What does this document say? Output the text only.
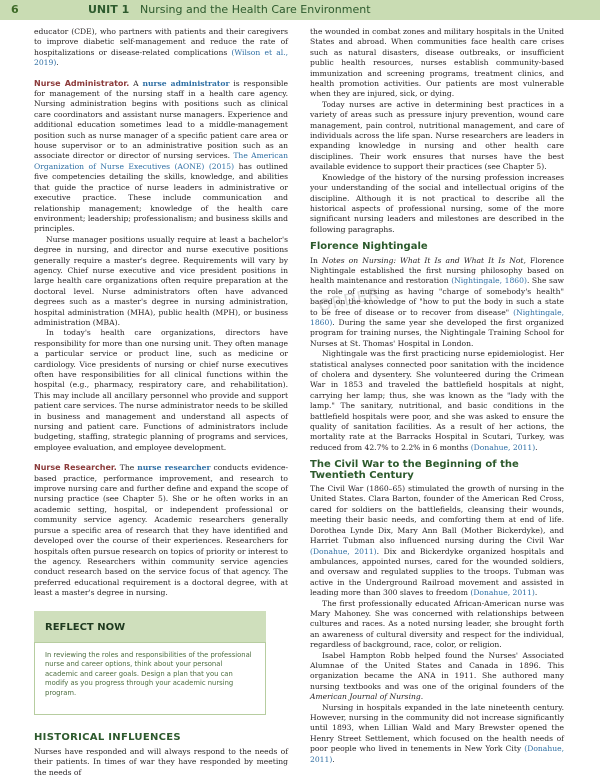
6	UNIT 1 Nursing and the Health Care Environment
ORDER

educator (CDE), who partners with patients and their caregivers to improve diabetic self-management and reduce the rate of hospitalizations or disease-related complications (Wilson et al., 2019).

Nurse Administrator. A nurse administrator is responsible for management of the nursing staff in a health care agency. Nursing administration begins with positions such as clinical care coordinators and assistant nurse managers. Experience and additional education sometimes lead to a middle-management position such as nurse manager of a specific patient care area or house supervisor or to an administrative position such as an associate director or director of nursing services. The American Organization of Nurse Executives (AONE) (2015) has outlined five competencies detailing the skills, knowledge, and abilities that guide the practice of nurse leaders in administrative or executive practice. These include communication and relationship management; knowledge of the health care environment; leadership; professionalism; and business skills and principles.

Nurse manager positions usually require at least a bachelor's degree in nursing, and director and nurse executive positions generally require a master's degree. Requirements will vary by agency. Chief nurse executive and vice president positions in large health care organizations often require preparation at the doctoral level. Nurse administrators often have advanced degrees such as a master's degree in nursing administration, hospital administration (MHA), public health (MPH), or business administration (MBA).

In today's health care organizations, directors have responsibility for more than one nursing unit. They often manage a particular service or product line, such as medicine or cardiology. Vice presidents of nursing or chief nurse executives often have responsibilities for all clinical functions within the hospital (e.g., pharmacy, respiratory care, and rehabilitation). This may include all ancillary personnel who provide and support patient care services. The nurse administrator needs to be skilled in business and management and understand all aspects of nursing and patient care. Functions of administrators include budgeting, staffing, strategic planning of programs and services, employee evaluation, and employee development.

Nurse Researcher. The nurse researcher conducts evidence-based practice, performance improvement, and research to improve nursing care and further define and expand the scope of nursing practice (see Chapter 5). She or he often works in an academic setting, hospital, or independent professional or community service agency. Academic researchers generally pursue a specific area of research that they have identified and developed over the course of their experiences. Researchers for hospitals often pursue research on topics of priority or interest to the agency. Researchers within community service agencies conduct research based on the service focus of that agency. The preferred educational requirement is a doctoral degree, with at least a master's degree in nursing.

REFLECT NOW
In reviewing the roles and responsibilities of the professional nurse and career options, think about your personal academic and career goals. Design a plan that you can modify as you progress through your academic nursing program.
HISTORICAL INFLUENCES

Nurses have responded and will always respond to the needs of their patients. In times of war they have responded by meeting the needs of

the wounded in combat zones and military hospitals in the United States and abroad. When communities face health care crises such as natural disasters, disease outbreaks, or insufficient public health resources, nurses establish community-based immunization and screening programs, treatment clinics, and health promotion activities. Our patients are most vulnerable when they are injured, sick, or dying.

Today nurses are active in determining best practices in a variety of areas such as pressure injury prevention, wound care management, pain control, nutritional management, and care of individuals across the life span. Nurse researchers are leaders in expanding knowledge in nursing and other health care disciplines. Their work ensures that nurses have the best available evidence to support their practices (see Chapter 5).

Knowledge of the history of the nursing profession increases your understanding of the social and intellectual origins of the discipline. Although it is not practical to describe all the historical aspects of professional nursing, some of the more significant nursing leaders and milestones are described in the following paragraphs.

Florence Nightingale

In Notes on Nursing: What It Is and What It Is Not, Florence Nightingale established the first nursing philosophy based on health maintenance and restoration (Nightingale, 1860). She saw the role of nursing as having "charge of somebody's health" based on the knowledge of "how to put the body in such a state to be free of disease or to recover from disease" (Nightingale, 1860). During the same year she developed the first organized program for training nurses, the Nightingale Training School for Nurses at St. Thomas' Hospital in London.

Nightingale was the first practicing nurse epidemiologist. Her statistical analyses connected poor sanitation with the incidence of cholera and dysentery. She volunteered during the Crimean War in 1853 and traveled the battlefield hospitals at night, carrying her lamp; thus, she was known as the "lady with the lamp." The sanitary, nutritional, and basic conditions in the battlefield hospitals were poor, and she was asked to ensure the quality of sanitation facilities. As a result of her actions, the mortality rate at the Barracks Hospital in Scutari, Turkey, was reduced from 42.7% to 2.2% in 6 months (Donahue, 2011).

The Civil War to the Beginning of the Twentieth Century

The Civil War (1860–65) stimulated the growth of nursing in the United States. Clara Barton, founder of the American Red Cross, cared for soldiers on the battlefields, cleansing their wounds, meeting their basic needs, and comforting them at end of life. Dorothea Lynde Dix, Mary Ann Ball (Mother Bickerdyke), and Harriet Tubman also influenced nursing during the Civil War (Donahue, 2011). Dix and Bickerdyke organized hospitals and ambulances, appointed nurses, cared for the wounded soldiers, and oversaw and regulated supplies to the troops. Tubman was active in the Underground Railroad movement and assisted in leading more than 300 slaves to freedom (Donahue, 2011).

The first professionally educated African-American nurse was Mary Mahoney. She was concerned with relationships between cultures and races. As a noted nursing leader, she brought forth an awareness of cultural diversity and respect for the individual, regardless of background, race, color, or religion.

Isabel Hampton Robb helped found the Nurses' Associated Alumnae of the United States and Canada in 1896. This organization became the ANA in 1911. She authored many nursing textbooks and was one of the original founders of the American Journal of Nursing.

Nursing in hospitals expanded in the late nineteenth century. However, nursing in the community did not increase significantly until 1893, when Lillian Wald and Mary Brewster opened the Henry Street Settlement, which focused on the health needs of poor people who lived in tenements in New York City (Donahue, 2011).
